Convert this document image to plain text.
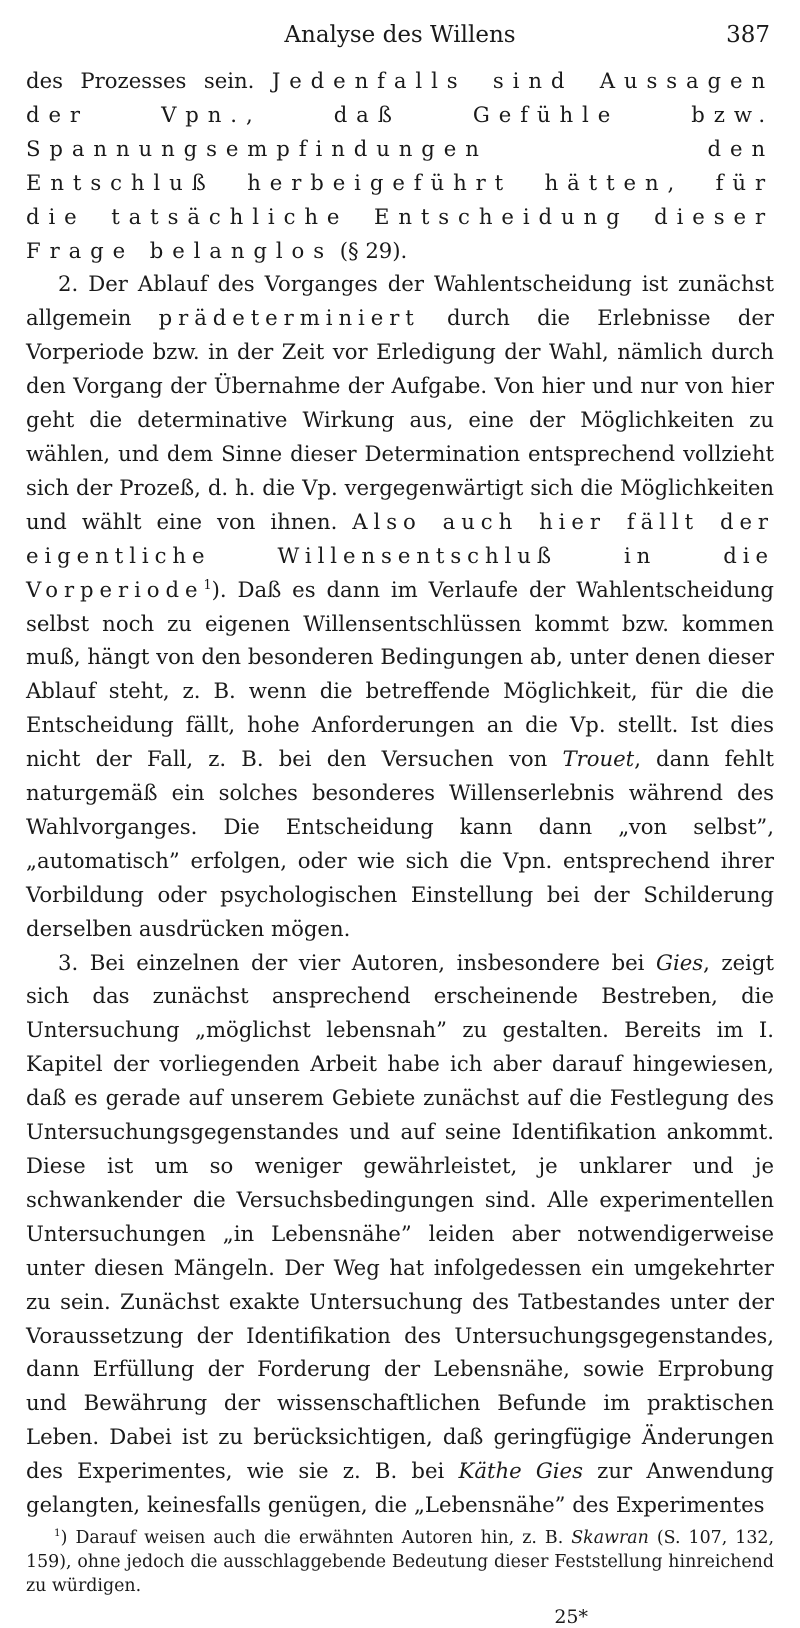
Analyse des Willens	387

des Prozesses sein. Jedenfalls sind Aussagen der Vpn., daß Gefühle bzw. Spannungsempfindungen den Entschluß herbeigeführt hätten, für die tatsächliche Entscheidung dieser Frage belanglos (§ 29).

2. Der Ablauf des Vorganges der Wahlentscheidung ist zunächst allgemein prädeterminiert durch die Erlebnisse der Vorperiode bzw. in der Zeit vor Erledigung der Wahl, nämlich durch den Vorgang der Übernahme der Aufgabe. Von hier und nur von hier geht die determinative Wirkung aus, eine der Möglichkeiten zu wählen, und dem Sinne dieser Determination entsprechend vollzieht sich der Prozeß, d. h. die Vp. vergegenwärtigt sich die Möglichkeiten und wählt eine von ihnen. Also auch hier fällt der eigentliche Willensentschluß in die Vorperiode$^1$). Daß es dann im Verlaufe der Wahlentscheidung selbst noch zu eigenen Willensentschlüssen kommt bzw. kommen muß, hängt von den besonderen Bedingungen ab, unter denen dieser Ablauf steht, z. B. wenn die betreffende Möglichkeit, für die die Entscheidung fällt, hohe Anforderungen an die Vp. stellt. Ist dies nicht der Fall, z. B. bei den Versuchen von Trouet, dann fehlt naturgemäß ein solches besonderes Willenserlebnis während des Wahlvorganges. Die Entscheidung kann dann „von selbst”, „automatisch” erfolgen, oder wie sich die Vpn. entsprechend ihrer Vorbildung oder psychologischen Einstellung bei der Schilderung derselben ausdrücken mögen.

3. Bei einzelnen der vier Autoren, insbesondere bei Gies, zeigt sich das zunächst ansprechend erscheinende Bestreben, die Untersuchung „möglichst lebensnah” zu gestalten. Bereits im I. Kapitel der vorliegenden Arbeit habe ich aber darauf hingewiesen, daß es gerade auf unserem Gebiete zunächst auf die Festlegung des Untersuchungsgegenstandes und auf seine Identifikation ankommt. Diese ist um so weniger gewährleistet, je unklarer und je schwankender die Versuchsbedingungen sind. Alle experimentellen Untersuchungen „in Lebensnähe” leiden aber notwendigerweise unter diesen Mängeln. Der Weg hat infolgedessen ein umgekehrter zu sein. Zunächst exakte Untersuchung des Tatbestandes unter der Voraussetzung der Identifikation des Untersuchungsgegenstandes, dann Erfüllung der Forderung der Lebensnähe, sowie Erprobung und Bewährung der wissenschaftlichen Befunde im praktischen Leben. Dabei ist zu berücksichtigen, daß geringfügige Änderungen des Experimentes, wie sie z. B. bei Käthe Gies zur Anwendung gelangten, keinesfalls genügen, die „Lebensnähe” des Experimentes

$^1$) Darauf weisen auch die erwähnten Autoren hin, z. B. Skawran (S. 107, 132, 159), ohne jedoch die ausschlaggebende Bedeutung dieser Feststellung hinreichend zu würdigen.

25*
